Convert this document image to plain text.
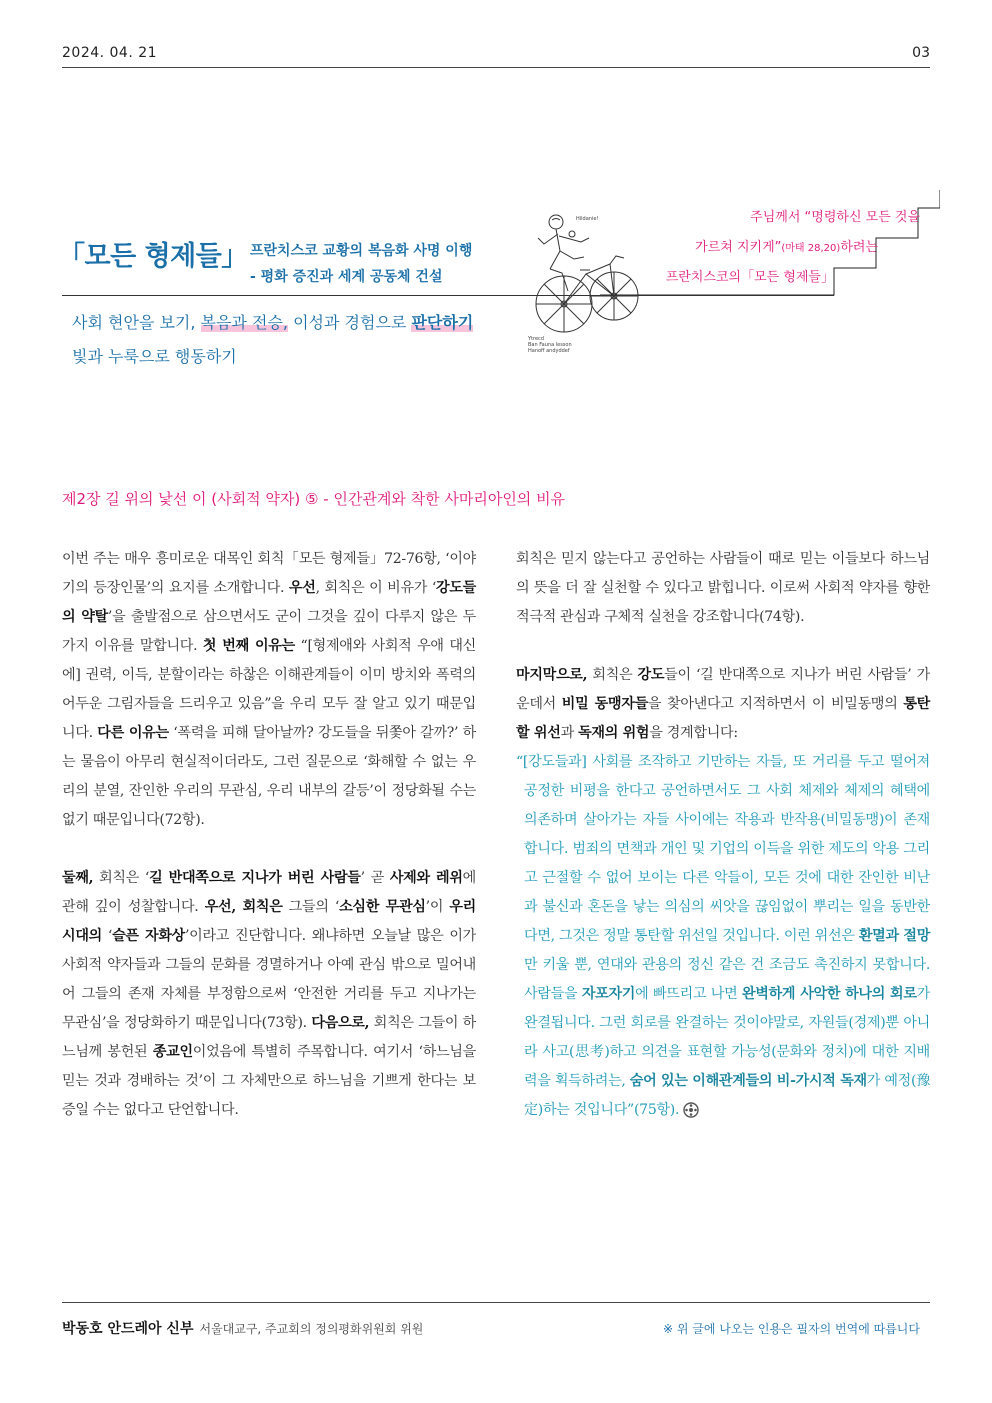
2024. 04. 21	03
「모든 형제들」 프란치스코 교황의 복음화 사명 이행
- 평화 증진과 세계 공동체 건설
Hildanie!
Ytrecd
Ban Fauna lesson
Hanoff andyddef
주님께서 “명령하신 모든 것을
가르쳐 지키게”(마태 28,20)하려는
프란치스코의「모든 형제들」
사회 현안을 보기, 복음과 전승, 이성과 경험으로 판단하기
빛과 누룩으로 행동하기
제2장 길 위의 낯선 이 (사회적 약자) ⑤ - 인간관계와 착한 사마리아인의 비유

이번 주는 매우 흥미로운 대목인 회칙「모든 형제들」72-76항, ‘이야기의 등장인물’의 요지를 소개합니다. 우선, 회칙은 이 비유가 ‘강도들의 약탈’을 출발점으로 삼으면서도 군이 그것을 깊이 다루지 않은 두 가지 이유를 말합니다. 첫 번째 이유는 “[형제애와 사회적 우애 대신에] 권력, 이득, 분할이라는 하찮은 이해관계들이 이미 방치와 폭력의 어두운 그림자들을 드리우고 있음”을 우리 모두 잘 알고 있기 때문입니다. 다른 이유는 ‘폭력을 피해 달아날까? 강도들을 뒤쫓아 갈까?’ 하는 물음이 아무리 현실적이더라도, 그런 질문으로 ‘화해할 수 없는 우리의 분열, 잔인한 우리의 무관심, 우리 내부의 갈등’이 정당화될 수는 없기 때문입니다(72항).

둘째, 회칙은 ‘길 반대쪽으로 지나가 버린 사람들’ 곧 사제와 레위에 관해 깊이 성찰합니다. 우선, 회칙은 그들의 ‘소심한 무관심’이 우리 시대의 ‘슬픈 자화상’이라고 진단합니다. 왜냐하면 오늘날 많은 이가 사회적 약자들과 그들의 문화를 경멸하거나 아예 관심 밖으로 밀어내어 그들의 존재 자체를 부정함으로써 ‘안전한 거리를 두고 지나가는 무관심’을 정당화하기 때문입니다(73항). 다음으로, 회칙은 그들이 하느님께 봉헌된 종교인이었음에 특별히 주목합니다. 여기서 ‘하느님을 믿는 것과 경배하는 것’이 그 자체만으로 하느님을 기쁘게 한다는 보증일 수는 없다고 단언합니다.

회칙은 믿지 않는다고 공언하는 사람들이 때로 믿는 이들보다 하느님의 뜻을 더 잘 실천할 수 있다고 밝힙니다. 이로써 사회적 약자를 향한 적극적 관심과 구체적 실천을 강조합니다(74항).

마지막으로, 회칙은 강도들이 ‘길 반대쪽으로 지나가 버린 사람들’ 가운데서 비밀 동맹자들을 찾아낸다고 지적하면서 이 비밀동맹의 통탄할 위선과 독재의 위험을 경계합니다:

“[강도들과] 사회를 조작하고 기만하는 자들, 또 거리를 두고 떨어져 공정한 비평을 한다고 공언하면서도 그 사회 체제와 체제의 혜택에 의존하며 살아가는 자들 사이에는 작용과 반작용(비밀동맹)이 존재합니다. 범죄의 면책과 개인 및 기업의 이득을 위한 제도의 악용 그리고 근절할 수 없어 보이는 다른 악들이, 모든 것에 대한 잔인한 비난과 불신과 혼돈을 낳는 의심의 씨앗을 끊임없이 뿌리는 일을 동반한다면, 그것은 정말 통탄할 위선일 것입니다. 이런 위선은 환멸과 절망만 키울 뿐, 연대와 관용의 정신 같은 건 조금도 촉진하지 못합니다. 사람들을 자포자기에 빠뜨리고 나면 완벽하게 사악한 하나의 회로가 완결됩니다. 그런 회로를 완결하는 것이야말로, 자원들(경제)뿐 아니라 사고(思考)하고 의견을 표현할 가능성(문화와 정치)에 대한 지배력을 획득하려는, 숨어 있는 이해관계들의 비-가시적 독재가 예정(豫定)하는 것입니다”(75항).

박동호 안드레아 신부 서울대교구, 주교회의 정의평화위원회 위원	※ 위 글에 나오는 인용은 필자의 번역에 따릅니다
